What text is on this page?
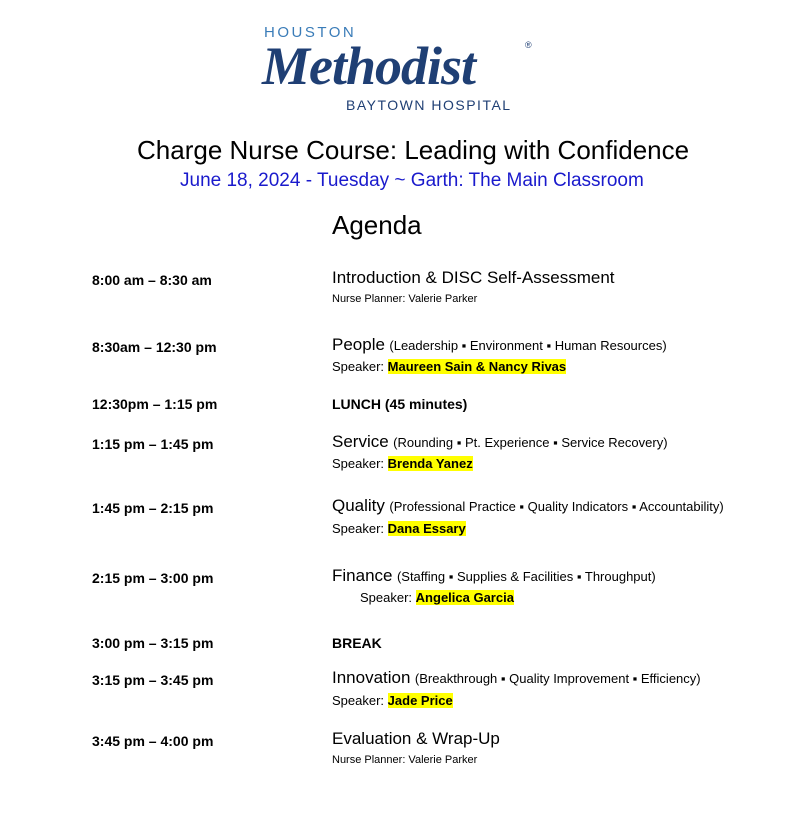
HOUSTON
Methodist	®
BAYTOWN HOSPITAL
Charge Nurse Course: Leading with Confidence
June 18, 2024 - Tuesday ~ Garth: The Main Classroom
Agenda
8:00 am – 8:30 am	Introduction & DISC Self-Assessment
Nurse Planner: Valerie Parker
8:30am – 12:30 pm	People (Leadership ▪ Environment ▪ Human Resources)
Speaker: Maureen Sain & Nancy Rivas
12:30pm – 1:15 pm	LUNCH (45 minutes)
1:15 pm – 1:45 pm	Service (Rounding ▪ Pt. Experience ▪ Service Recovery)
Speaker: Brenda Yanez
1:45 pm – 2:15 pm	Quality (Professional Practice ▪ Quality Indicators ▪ Accountability)
Speaker: Dana Essary
2:15 pm – 3:00 pm	Finance (Staffing ▪ Supplies & Facilities ▪ Throughput)
Speaker: Angelica Garcia
3:00 pm – 3:15 pm	BREAK
3:15 pm – 3:45 pm	Innovation (Breakthrough ▪ Quality Improvement ▪ Efficiency)
Speaker: Jade Price
3:45 pm – 4:00 pm	Evaluation & Wrap-Up
Nurse Planner: Valerie Parker
